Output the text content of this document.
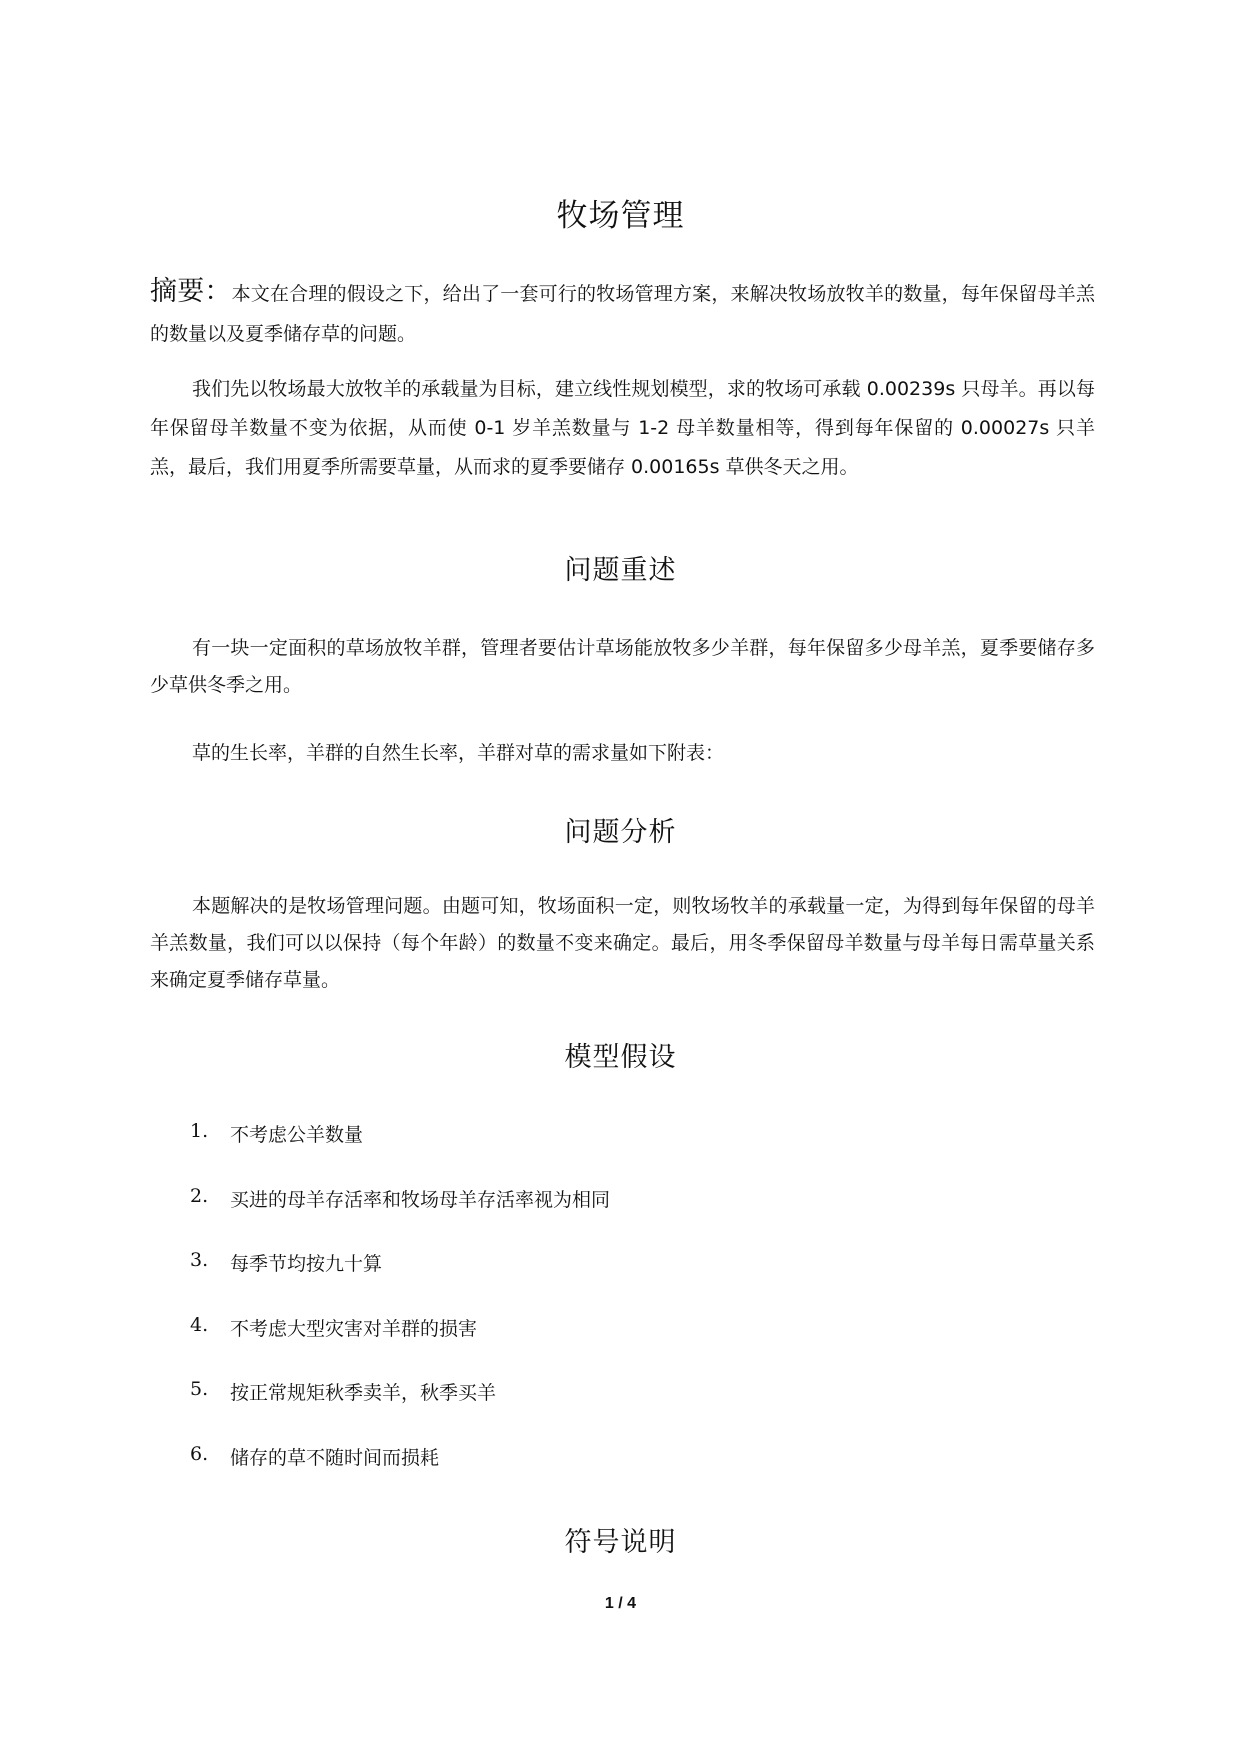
牧场管理
摘要：本文在合理的假设之下，给出了一套可行的牧场管理方案，来解决牧场放牧羊的数量，每年保留母羊羔的数量以及夏季储存草的问题。
我们先以牧场最大放牧羊的承载量为目标，建立线性规划模型，求的牧场可承载 0.00239s 只母羊。再以每年保留母羊数量不变为依据，从而使 0-1 岁羊羔数量与 1-2 母羊数量相等，得到每年保留的 0.00027s 只羊羔，最后，我们用夏季所需要草量，从而求的夏季要储存 0.00165s 草供冬天之用。
问题重述
有一块一定面积的草场放牧羊群，管理者要估计草场能放牧多少羊群，每年保留多少母羊羔，夏季要储存多少草供冬季之用。
草的生长率，羊群的自然生长率，羊群对草的需求量如下附表：
问题分析
本题解决的是牧场管理问题。由题可知，牧场面积一定，则牧场牧羊的承载量一定，为得到每年保留的母羊羊羔数量，我们可以以保持（每个年龄）的数量不变来确定。最后，用冬季保留母羊数量与母羊每日需草量关系来确定夏季储存草量。
模型假设
1.	不考虑公羊数量
2.	买进的母羊存活率和牧场母羊存活率视为相同
3.	每季节均按九十算
4.	不考虑大型灾害对羊群的损害
5.	按正常规矩秋季卖羊，秋季买羊
6.	储存的草不随时间而损耗
符号说明
1 / 4
